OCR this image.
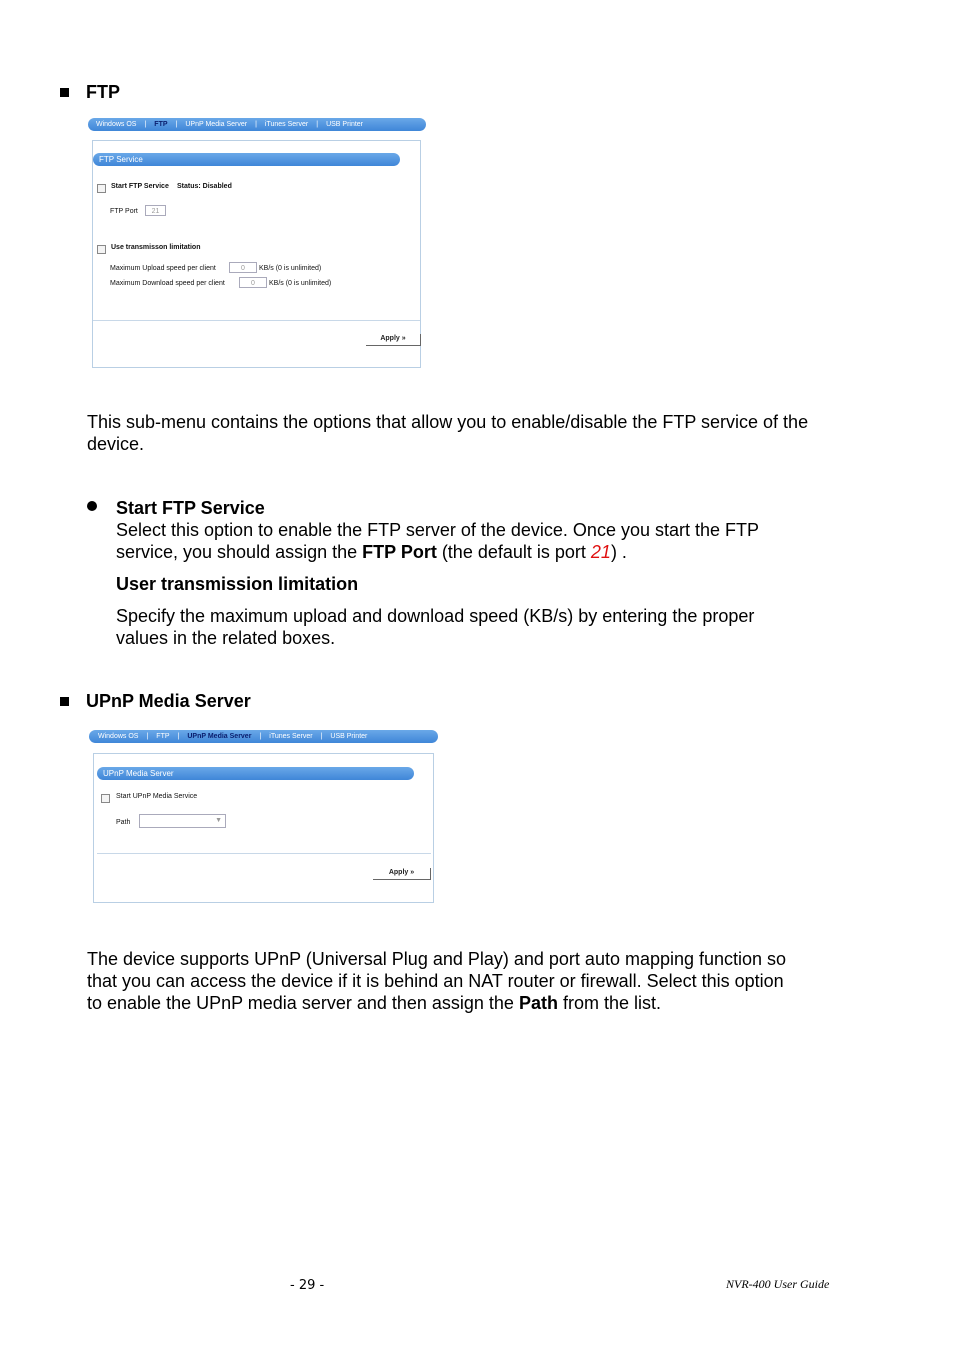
FTP
Windows OS | FTP | UPnP Media Server | iTunes Server | USB Printer
FTP Service
Start FTP Service Status: Disabled
FTP Port	21
Use transmisson limitation
Maximum Upload speed per client	0	KB/s (0 is unlimited)
Maximum Download speed per client	0	KB/s (0 is unlimited)
Apply »
This sub-menu contains the options that allow you to enable/disable the FTP service of the device.
Start FTP Service
Select this option to enable the FTP server of the device. Once you start the FTP
service, you should assign the FTP Port (the default is port 21) .
User transmission limitation
Specify the maximum upload and download speed (KB/s) by entering the proper
values in the related boxes.
UPnP Media Server
Windows OS | FTP | UPnP Media Server | iTunes Server | USB Printer
UPnP Media Server
Start UPnP Media Service
Path	▼
Apply »
The device supports UPnP (Universal Plug and Play) and port auto mapping function so
that you can access the device if it is behind an NAT router or firewall. Select this option
to enable the UPnP media server and then assign the Path from the list.
- 29 -	NVR-400 User Guide
